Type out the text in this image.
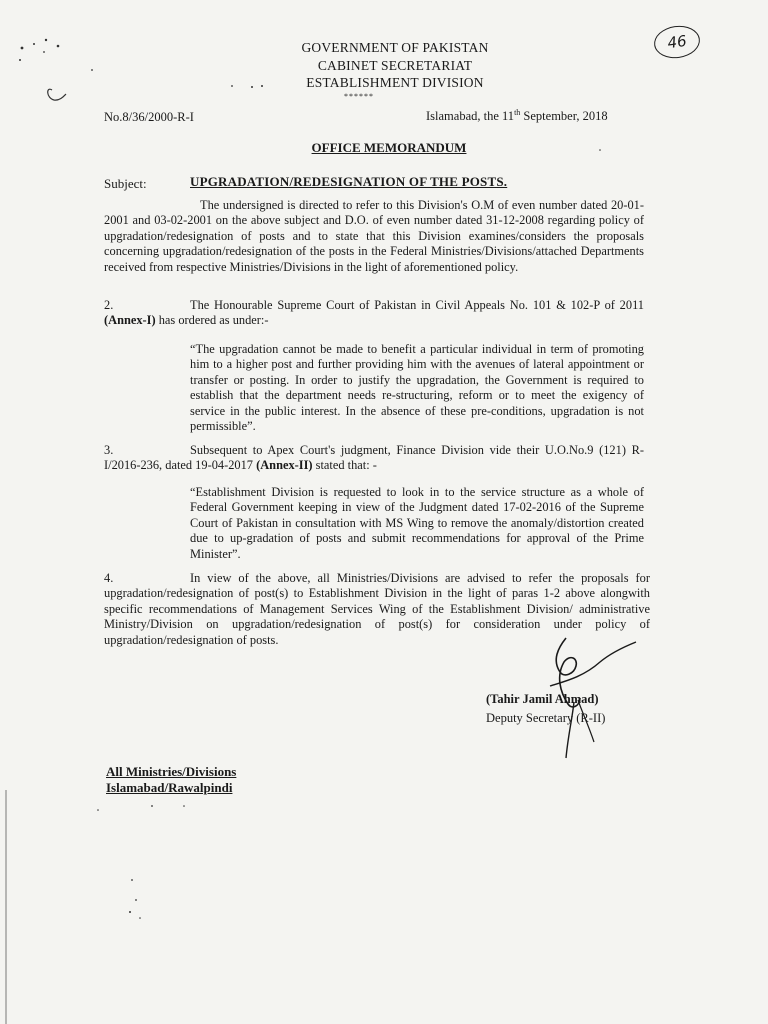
46
GOVERNMENT OF PAKISTAN
CABINET SECRETARIAT
ESTABLISHMENT DIVISION
******
No.8/36/2000-R-I	Islamabad, the 11th September, 2018
OFFICE MEMORANDUM
Subject:	UPGRADATION/REDESIGNATION OF THE POSTS.
The undersigned is directed to refer to this Division's O.M of even number dated 20-01-2001 and 03-02-2001 on the above subject and D.O. of even number dated 31-12-2008 regarding policy of upgradation/redesignation of posts and to state that this Division examines/considers the proposals concerning upgradation/redesignation of the posts in the Federal Ministries/Divisions/attached Departments received from respective Ministries/Divisions in the light of aforementioned policy.
2.	The Honourable Supreme Court of Pakistan in Civil Appeals No. 101 & 102-P of 2011 (Annex-I) has ordered as under:-
“The upgradation cannot be made to benefit a particular individual in term of promoting him to a higher post and further providing him with the avenues of lateral appointment or transfer or posting. In order to justify the upgradation, the Government is required to establish that the department needs re-structuring, reform or to meet the exigency of service in the public interest. In the absence of these pre-conditions, upgradation is not permissible”.
3.	Subsequent to Apex Court's judgment, Finance Division vide their U.O.No.9 (121) R-I/2016-236, dated 19-04-2017 (Annex-II) stated that: -
“Establishment Division is requested to look in to the service structure as a whole of Federal Government keeping in view of the Judgment dated 17-02-2016 of the Supreme Court of Pakistan in consultation with MS Wing to remove the anomaly/distortion created due to up-gradation of posts and submit recommendations for approval of the Prime Minister”.
4.	In view of the above, all Ministries/Divisions are advised to refer the proposals for upgradation/redesignation of post(s) to Establishment Division in the light of paras 1-2 above alongwith specific recommendations of Management Services Wing of the Establishment Division/ administrative Ministry/Division on upgradation/redesignation of post(s) for consideration under policy of upgradation/redesignation of posts.
(Tahir Jamil Ahmad)
Deputy Secretary (R-II)
All Ministries/Divisions
Islamabad/Rawalpindi
